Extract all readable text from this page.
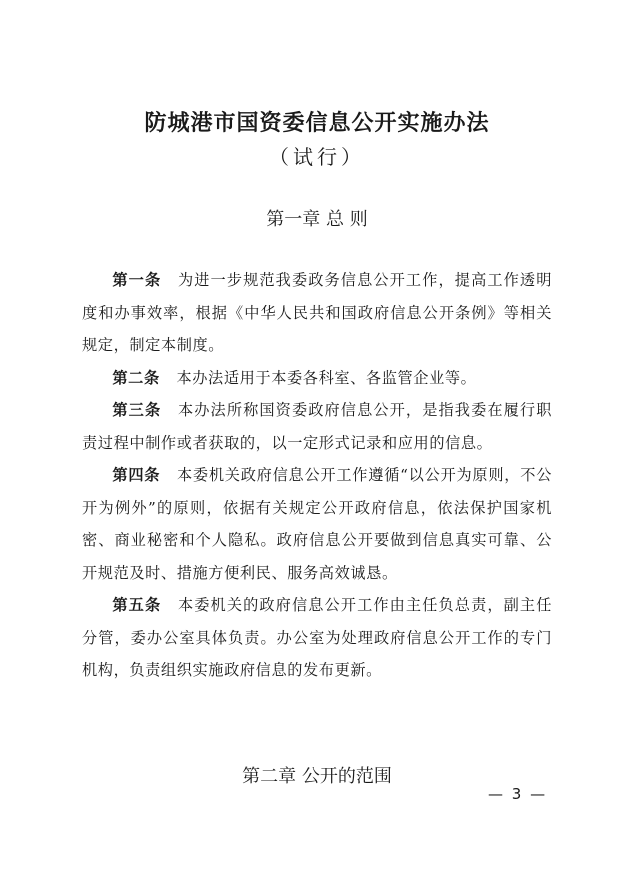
防城港市国资委信息公开实施办法
（试行）
第一章 总 则

第一条 为进一步规范我委政务信息公开工作，提高工作透明度和办事效率，根据《中华人民共和国政府信息公开条例》等相关规定，制定本制度。

第二条 本办法适用于本委各科室、各监管企业等。

第三条 本办法所称国资委政府信息公开，是指我委在履行职责过程中制作或者获取的，以一定形式记录和应用的信息。

第四条 本委机关政府信息公开工作遵循“以公开为原则，不公开为例外”的原则，依据有关规定公开政府信息，依法保护国家机密、商业秘密和个人隐私。政府信息公开要做到信息真实可靠、公开规范及时、措施方便利民、服务高效诚恳。

第五条 本委机关的政府信息公开工作由主任负总责，副主任分管，委办公室具体负责。办公室为处理政府信息公开工作的专门机构，负责组织实施政府信息的发布更新。

第二章 公开的范围
— 3 —
